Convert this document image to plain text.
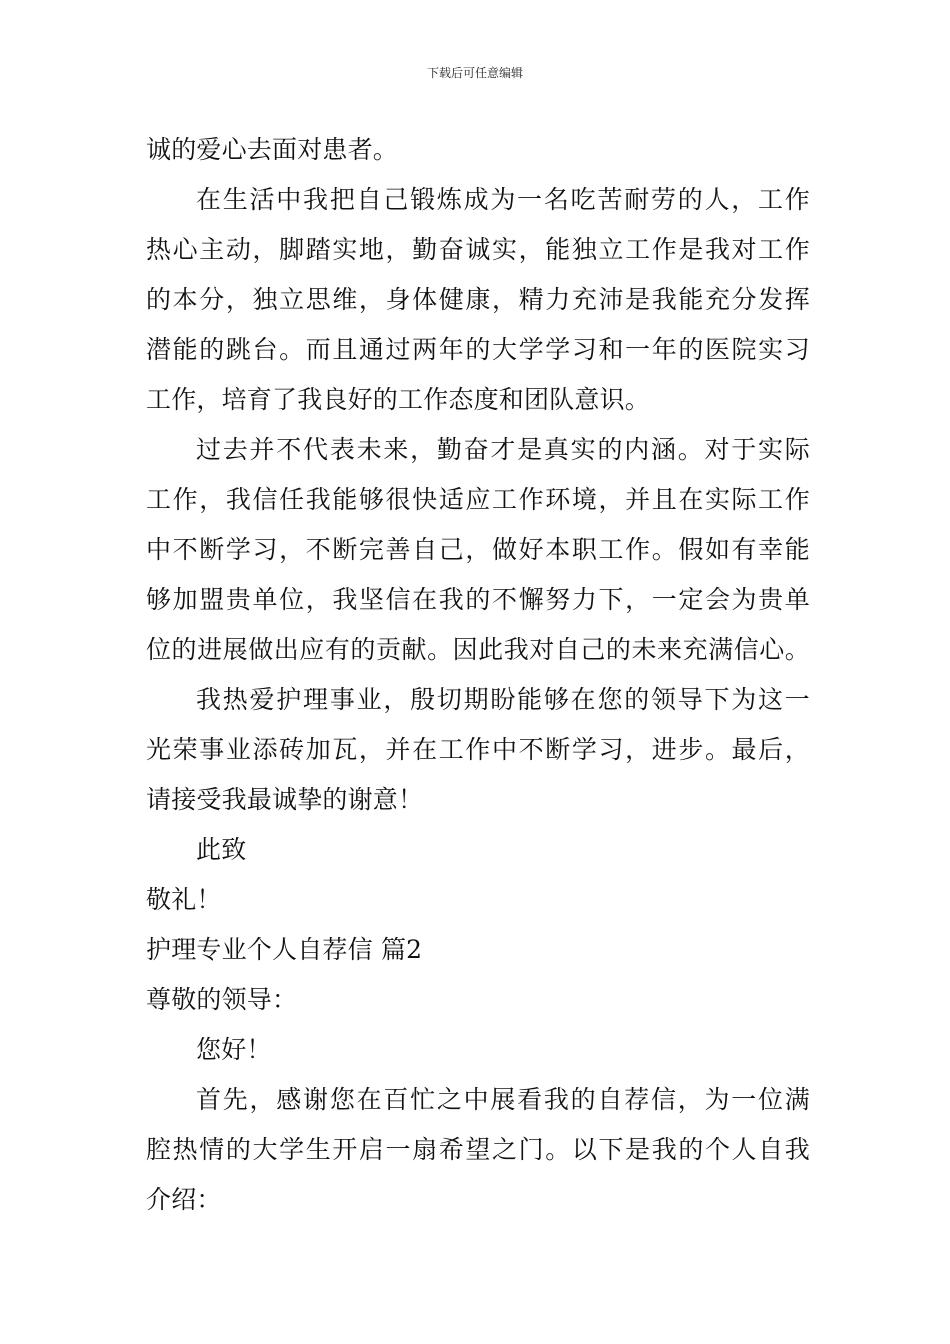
下载后可任意编辑
诚的爱心去面对患者。
在生活中我把自己锻炼成为一名吃苦耐劳的人，工作
热心主动，脚踏实地，勤奋诚实，能独立工作是我对工作
的本分，独立思维，身体健康，精力充沛是我能充分发挥
潜能的跳台。而且通过两年的大学学习和一年的医院实习
工作，培育了我良好的工作态度和团队意识。
过去并不代表未来，勤奋才是真实的内涵。对于实际
工作，我信任我能够很快适应工作环境，并且在实际工作
中不断学习，不断完善自己，做好本职工作。假如有幸能
够加盟贵单位，我坚信在我的不懈努力下，一定会为贵单
位的进展做出应有的贡献。因此我对自己的未来充满信心。
我热爱护理事业，殷切期盼能够在您的领导下为这一
光荣事业添砖加瓦，并在工作中不断学习，进步。最后，
请接受我最诚挚的谢意！
此致
敬礼！
护理专业个人自荐信 篇2
尊敬的领导：
您好！
首先，感谢您在百忙之中展看我的自荐信，为一位满
腔热情的大学生开启一扇希望之门。以下是我的个人自我
介绍：
